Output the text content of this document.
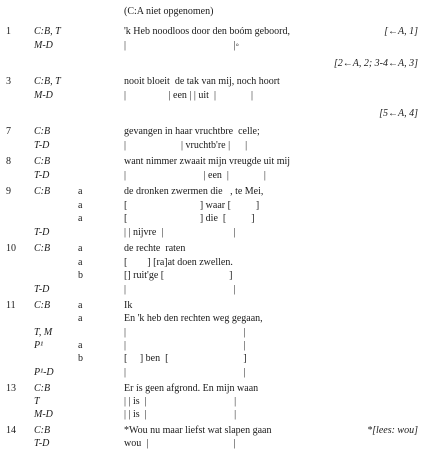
(C:A niet opgenomen)
1 C:B, T	'k Heb noodloos door den boóm geboord,	[←A, 1]
M-D	|                                           |◦
[2←A, 2; 3-4←A, 3]
3 C:B, T	nooit bloeit  de tak van mij, noch hoort
M-D	|                 | een | | uit  |              |
[5←A, 4]
7 C:B	gevangen in haar vruchtbre  celle;
T-D	|                      | vruchtb're |      |
8 C:B	want nimmer zwaait mijn vreugde uit mij
T-D	|                               | een  |              |
9 C:B	a	de dronken zwermen die   , te Mei,
a	[                             ] waar [          ]
a	[                             ] die  [          ]
T-D	| | nijvre  |                            |
10 C:B	a	de rechte  raten
a	[        ] [ra]at doen zwellen.
b	[] ruit'ge [                          ]
T-D	|                                           |
11 C:B	a	Ik
a	En 'k heb den rechten weg gegaan,
T, M	|                                               |
P¹	a	|                                               |
b	[     ] ben  [                              ]
P¹-D	|                                               |
13 C:B	Er ís geen afgrond. En mijn waan
T	| | is  |                                   |
M-D	| | is  |                                   |
14 C:B	*Wou nu maar liefst wat slapen gaan	*[lees: wou]
T-D	wou  |                                  |
